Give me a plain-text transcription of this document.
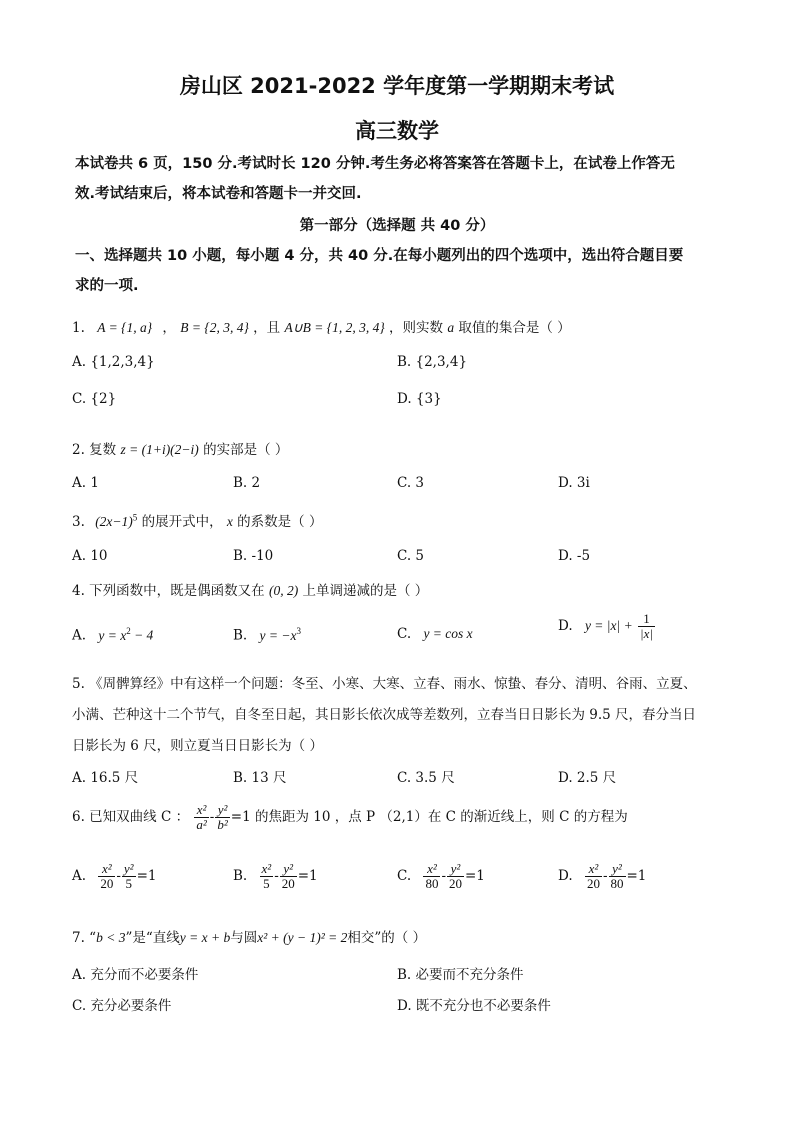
房山区 2021-2022 学年度第一学期期末考试
高三数学
本试卷共 6 页，150 分.考试时长 120 分钟.考生务必将答案答在答题卡上，在试卷上作答无
效.考试结束后，将本试卷和答题卡一并交回.
第一部分（选择题 共 40 分）
一、选择题共 10 小题，每小题 4 分，共 40 分.在每小题列出的四个选项中，选出符合题目要
求的一项.
1. A = {1, a} ， B = {2, 3, 4} ，且 A∪B = {1, 2, 3, 4} ，则实数 a 取值的集合是（ ）
A. {1,2,3,4}	B. {2,3,4}
C. {2}	D. {3}
2. 复数 z = (1+i)(2−i) 的实部是（ ）
A. 1	B. 2	C. 3	D. 3i
3. $(2x-1)^5$ 的展开式中， x 的系数是（ ）
A. 10	B. -10	C. 5	D. -5
4. 下列函数中，既是偶函数又在 (0, 2) 上单调递减的是（ ）
A. $y = x^2 - 4$	B. $y = -x^3$	C. y = cos x	D. $y = |x| + \frac{1}{|x|}$
5. 《周髀算经》中有这样一个问题：冬至、小寒、大寒、立春、雨水、惊蛰、春分、清明、谷雨、立夏、
小满、芒种这十二个节气，自冬至日起，其日影长依次成等差数列，立春当日日影长为 9.5 尺，春分当日
日影长为 6 尺，则立夏当日日影长为（ ）
A. 16.5 尺	B. 13 尺	C. 3.5 尺	D. 2.5 尺
6. 已知双曲线 C ： $\frac{\text{x²}}{\text{a²}} - \frac{\text{y²}}{\text{b²}} =1$ 的焦距为 10 ，点 P （2,1）在 C 的渐近线上，则 C 的方程为
A. $\frac{\text{x²}}{20} - \frac{\text{y²}}{5} =1$	B. $\frac{\text{x²}}{5} - \frac{\text{y²}}{20} =1$	C. $\frac{\text{x²}}{80} - \frac{\text{y²}}{20} =1$	D. $\frac{\text{x²}}{20} - \frac{\text{y²}}{80} =1$
7. “b < 3”是“直线y = x + b与圆x² + (y − 1)² = 2相交”的（ ）
A. 充分而不必要条件	B. 必要而不充分条件
C. 充分必要条件	D. 既不充分也不必要条件
